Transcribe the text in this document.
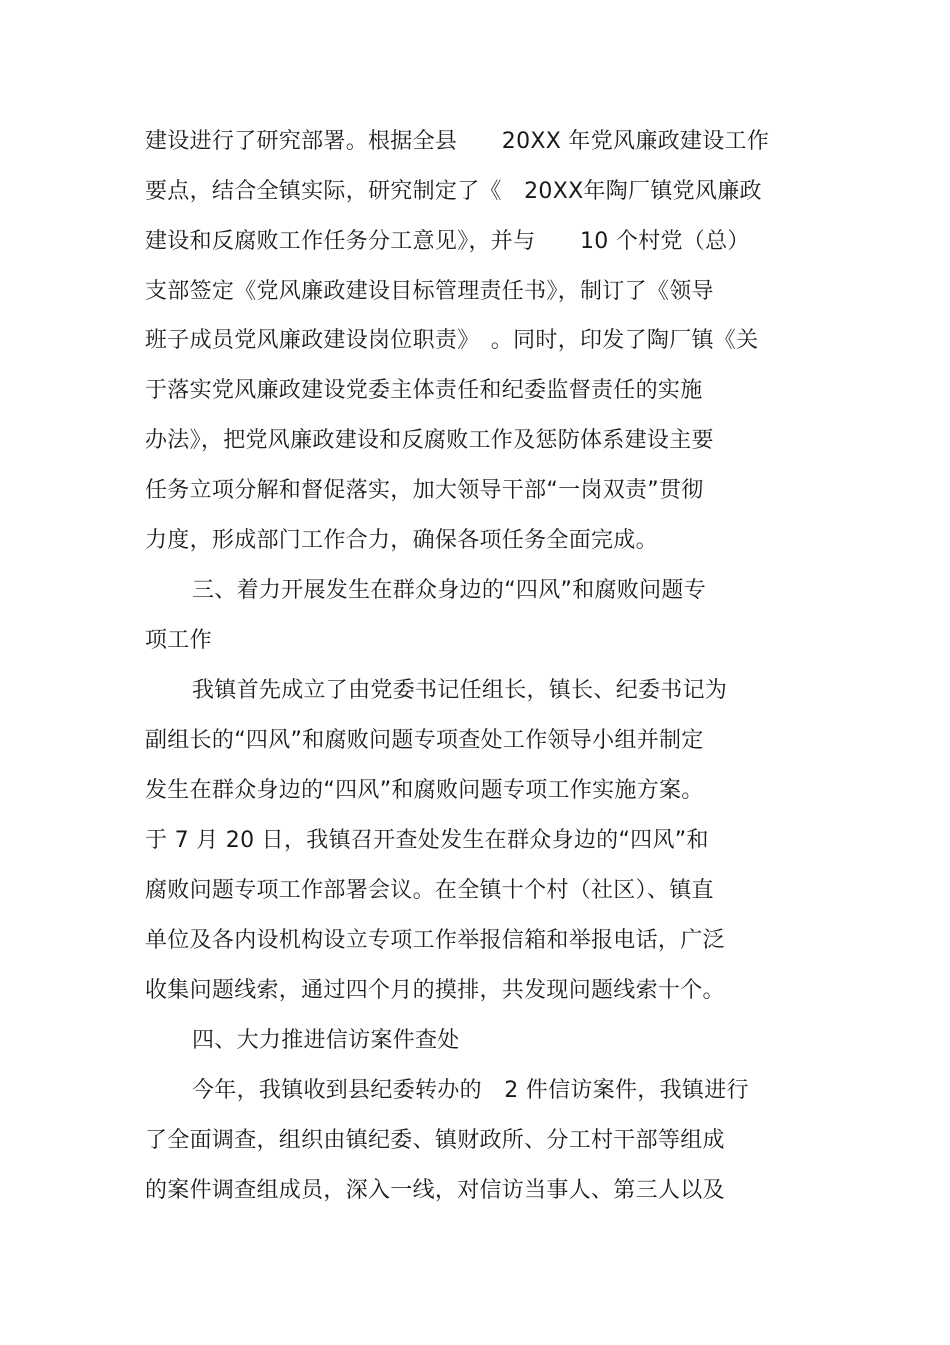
建设进行了研究部署。根据全县　　20XX 年党风廉政建设工作
要点，结合全镇实际，研究制定了《　20XX年陶厂镇党风廉政
建设和反腐败工作任务分工意见》，并与　　10 个村党（总）
支部签定《党风廉政建设目标管理责任书》，制订了《领导
班子成员党风廉政建设岗位职责》　。同时，印发了陶厂镇《关
于落实党风廉政建设党委主体责任和纪委监督责任的实施
办法》，把党风廉政建设和反腐败工作及惩防体系建设主要
任务立项分解和督促落实，加大领导干部“一岗双责”贯彻
力度，形成部门工作合力，确保各项任务全面完成。
三、着力开展发生在群众身边的“四风”和腐败问题专
项工作
我镇首先成立了由党委书记任组长，镇长、纪委书记为
副组长的“四风”和腐败问题专项查处工作领导小组并制定
发生在群众身边的“四风”和腐败问题专项工作实施方案。
于 7 月 20 日，我镇召开查处发生在群众身边的“四风”和
腐败问题专项工作部署会议。在全镇十个村（社区）、镇直
单位及各内设机构设立专项工作举报信箱和举报电话，广泛
收集问题线索，通过四个月的摸排，共发现问题线索十个。
四、大力推进信访案件查处
今年，我镇收到县纪委转办的　2 件信访案件，我镇进行
了全面调查，组织由镇纪委、镇财政所、分工村干部等组成
的案件调查组成员，深入一线，对信访当事人、第三人以及
